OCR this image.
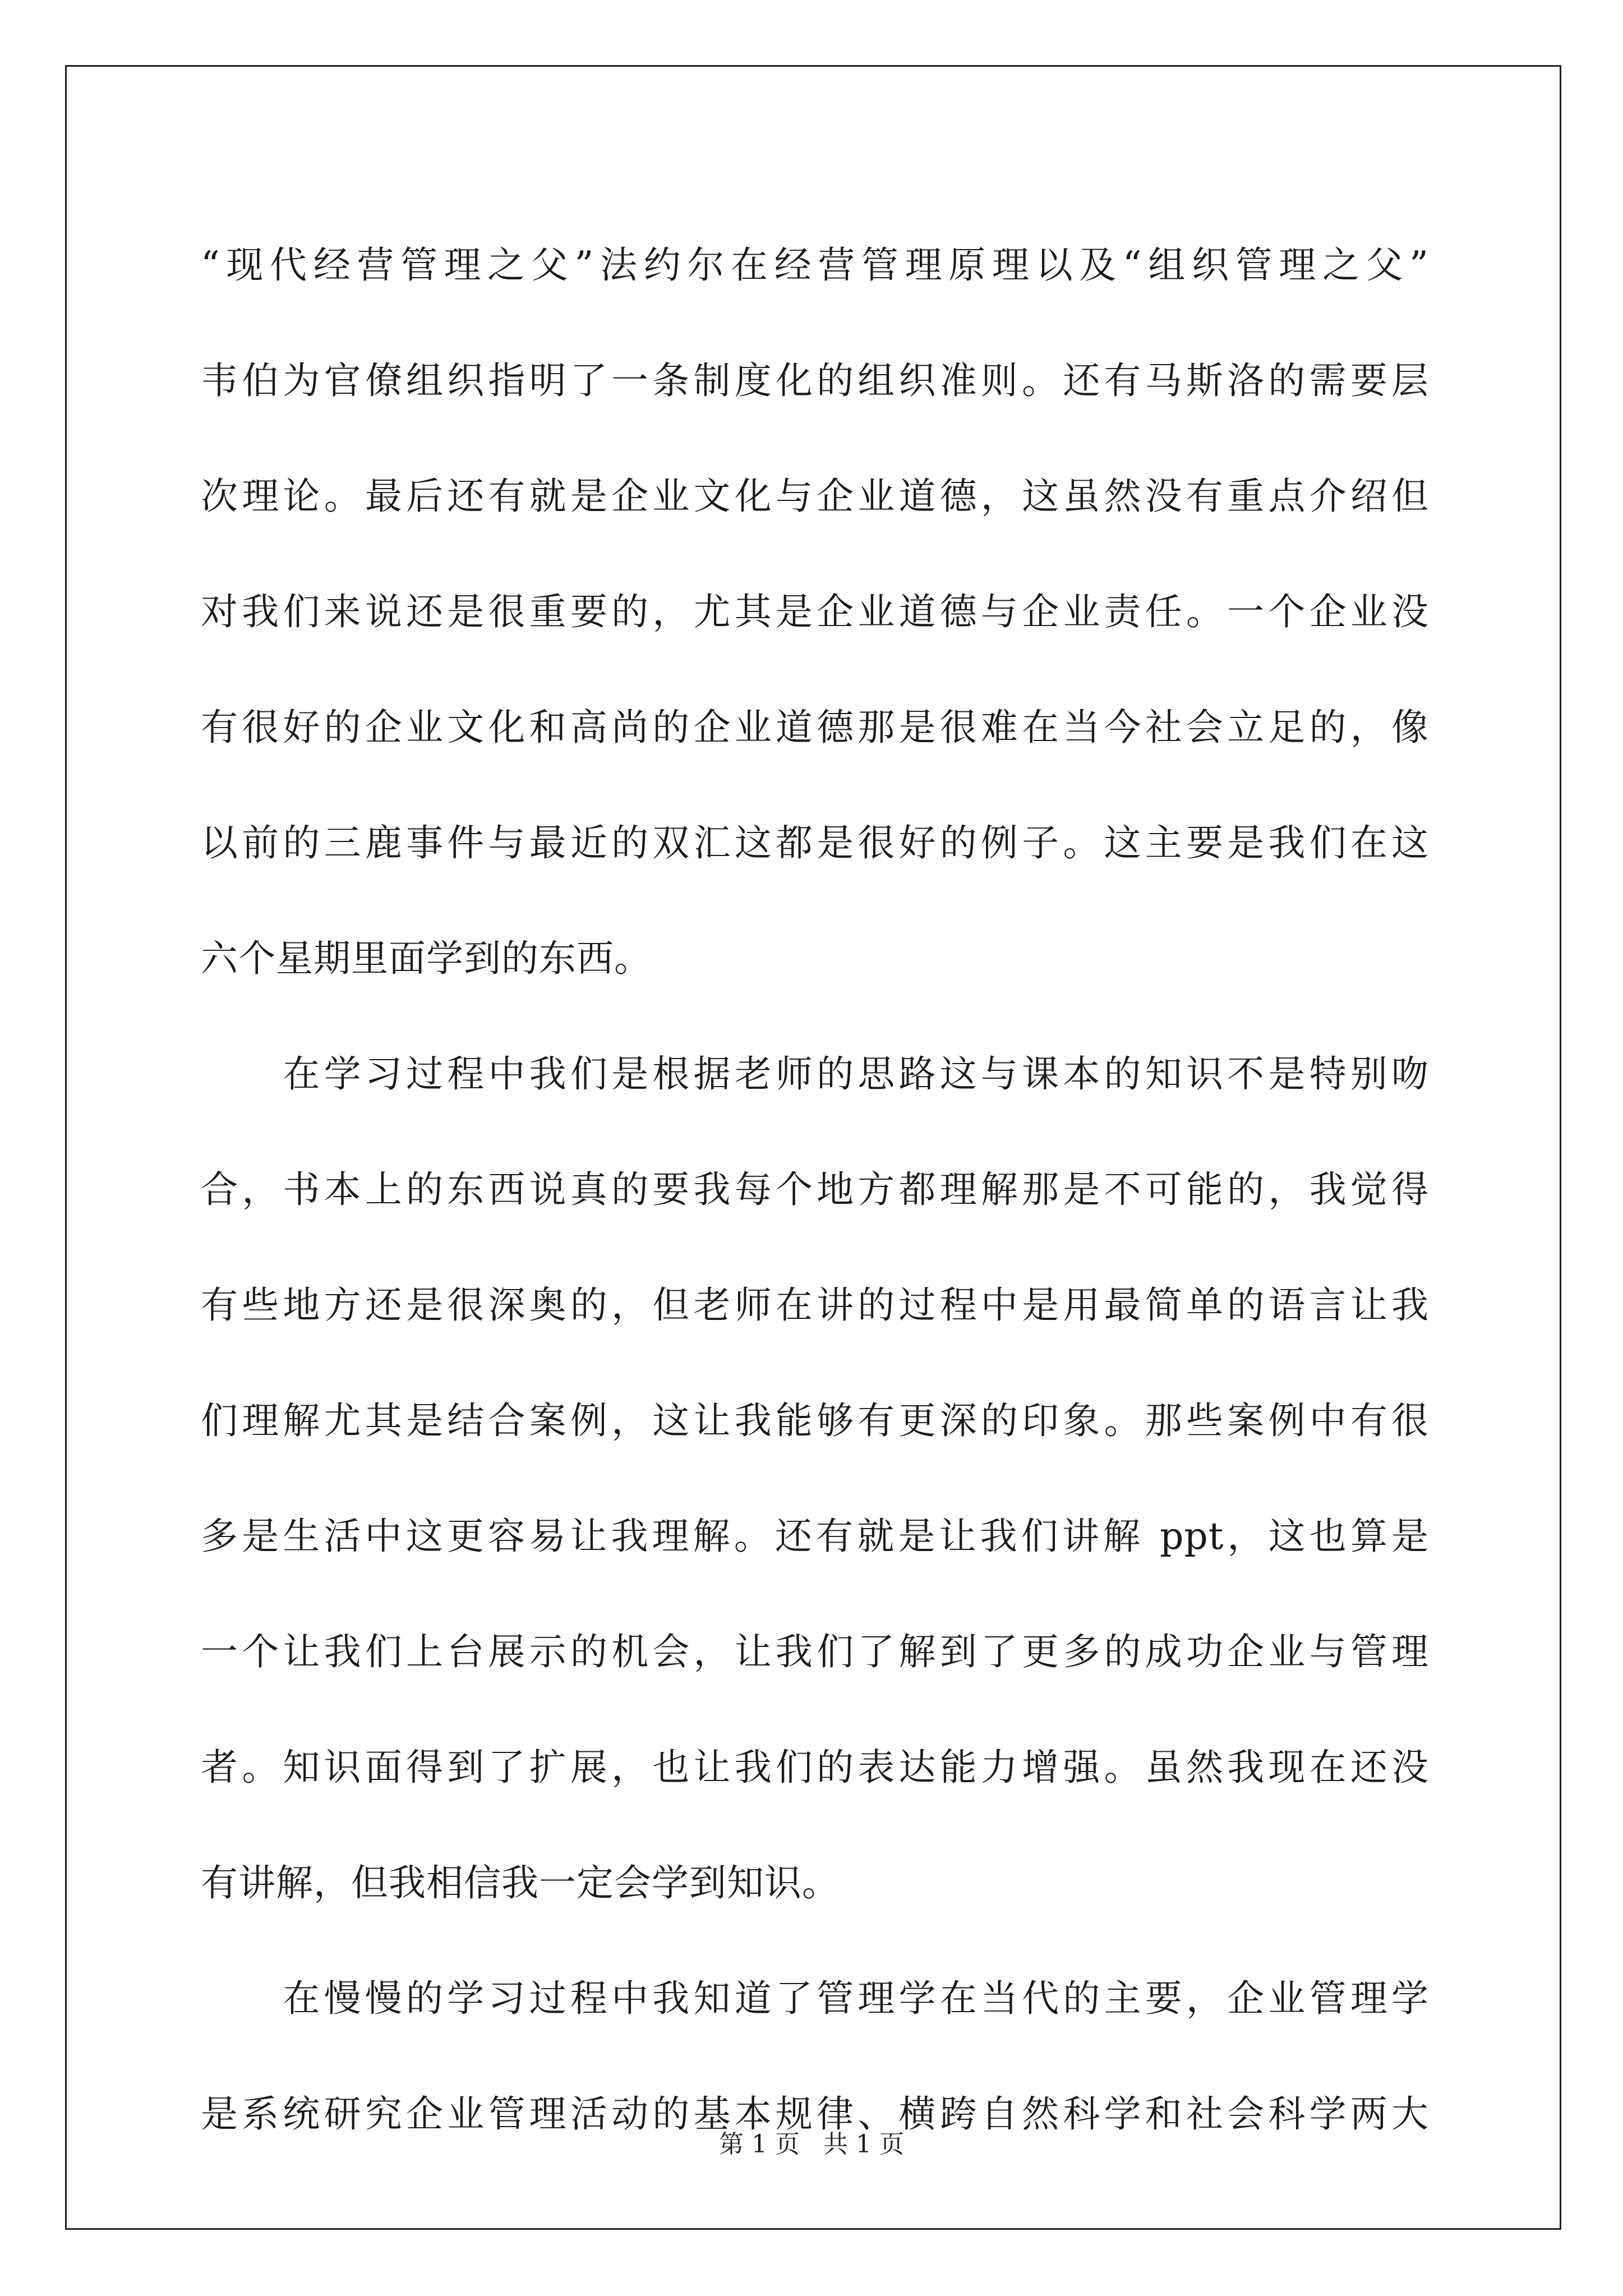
“现代经营管理之父”法约尔在经营管理原理以及“组织管理之父”
韦伯为官僚组织指明了一条制度化的组织准则。还有马斯洛的需要层
次理论。最后还有就是企业文化与企业道德，这虽然没有重点介绍但
对我们来说还是很重要的，尤其是企业道德与企业责任。一个企业没
有很好的企业文化和高尚的企业道德那是很难在当今社会立足的，像
以前的三鹿事件与最近的双汇这都是很好的例子。这主要是我们在这
六个星期里面学到的东西。
　　在学习过程中我们是根据老师的思路这与课本的知识不是特别吻
合，书本上的东西说真的要我每个地方都理解那是不可能的，我觉得
有些地方还是很深奥的，但老师在讲的过程中是用最简单的语言让我
们理解尤其是结合案例，这让我能够有更深的印象。那些案例中有很
多是生活中这更容易让我理解。还有就是让我们讲解 ppt，这也算是
一个让我们上台展示的机会，让我们了解到了更多的成功企业与管理
者。知识面得到了扩展，也让我们的表达能力增强。虽然我现在还没
有讲解，但我相信我一定会学到知识。
　　在慢慢的学习过程中我知道了管理学在当代的主要，企业管理学
是系统研究企业管理活动的基本规律、横跨自然科学和社会科学两大
第 1 页 共 1 页
